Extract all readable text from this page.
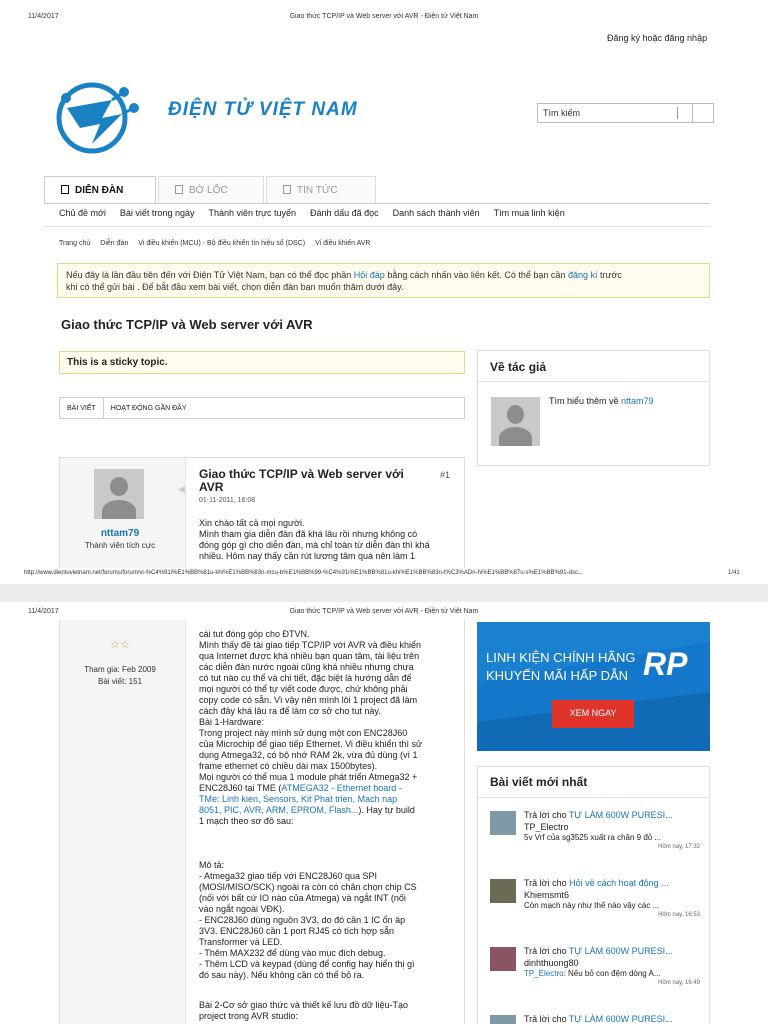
11/4/2017	Giao thức TCP/IP và Web server với AVR - Điện tử Việt Nam
Đăng ký hoặc đăng nhập
ĐIỆN TỬ VIỆT NAM	Tìm kiếm
DIỄN ĐÀN	BỜ LỐC	TIN TỨC
Chủ đề mới Bài viết trong ngày Thành viên trực tuyến Đánh dấu đã đọc Danh sách thành viên Tìm mua linh kiện
Trang chủ Diễn đàn Vi điều khiển (MCU) - Bộ điều khiển tín hiệu số (DSC) Vi điều khiển AVR
Nếu đây là lần đầu tiên đến với Điện Tử Việt Nam, bạn có thể đọc phần Hỏi đáp bằng cách nhấn vào liên kết. Có thể bạn cần đăng kí trước
khi có thể gửi bài . Để bắt đầu xem bài viết, chọn diễn đàn bạn muốn thăm dưới đây.
Giao thức TCP/IP và Web server với AVR
This is a sticky topic.
BÀI VIẾT HOẠT ĐỘNG GẦN ĐÂY
Về tác giả
Tìm hiểu thêm về nttam79
nttam79
Thành viên tích cực
◀
Giao thức TCP/IP và Web server với AVR
#1
01-11-2011, 16:08
Xin chào tất cả mọi người.
Mình tham gia diễn đàn đã khá lâu rồi nhưng không có
đóng góp gì cho diễn đàn, mà chỉ toàn từ diễn đàn thì khá
nhiều. Hôm nay thấy cần rút lương tâm quá nên làm 1
http://www.dientuvietnam.net/forums/forum/vi-%C4%91i%E1%BB%81u-khi%E1%BB%83n-mcu-b%E1%BB%99-%C4%91i%E1%BB%81u-khi%E1%BB%83n-t%C3%ADn-hi%E1%BB%87u-s%E1%BB%91-dsc...	1/41
11/4/2017	Giao thức TCP/IP và Web server với AVR - Điện tử Việt Nam
☆☆
Tham gia: Feb 2009
Bài viết: 151
cái tut đóng góp cho ĐTVN.
Mình thấy đề tài giao tiếp TCP/IP với AVR và điều khiển
qua Internet được khá nhiều bạn quan tâm, tài liệu trên
các diễn đàn nước ngoài cũng khá nhiều nhưng chưa
có tut nào cụ thể và chi tiết, đặc biệt là hướng dẫn để
mọi người có thể tự viết code được, chứ không phải
copy code có sẵn. Vì vậy nên mình lôi 1 project đã làm
cách đây khá lâu ra để làm cơ sở cho tut này.
Bài 1-Hardware:
Trong project này mình sử dụng một con ENC28J60
của Microchip để giao tiếp Ethernet. Vi điều khiển thì sử
dụng Atmega32, có bộ nhớ RAM 2k, vừa đủ dùng (vì 1
frame ethernet có chiều dài max 1500bytes).
Mọi người có thể mua 1 module phát triển Atmega32 +
ENC28J60 tại TME (ATMEGA32 - Ethernet board -
TMe: Linh kien, Sensors, Kit Phat trien, Mach nap
8051, PIC, AVR, ARM, EPROM, Flash...). Hay tự build
1 mạch theo sơ đồ sau:
Mô tả:
- Atmega32 giao tiếp với ENC28J60 qua SPI
(MOSI/MISO/SCK) ngoài ra còn có chân chọn chip CS
(nối với bất cứ IO nào của Atmega) và ngắt INT (nối
vào ngắt ngoài VĐK).
- ENC28J60 dùng nguồn 3V3, do đó cần 1 IC ổn áp
3V3. ENC28J60 cần 1 port RJ45 có tích hợp sẵn
Transformer và LED.
- Thêm MAX232 để dùng vào mục đích debug.
- Thêm LCD và keypad (dùng để config hay hiển thị gì
đó sau này). Nếu không cần có thể bỏ ra.
Bài 2-Cơ sở giao thức và thiết kế lưu đồ dữ liệu-Tạo
project trong AVR studio:
LINH KIỆN CHÍNH HÃNG
KHUYẾN MÃI HẤP DẪN RP
XEM NGAY
Bài viết mới nhất
Trả lời cho TỰ LÀM 600W PURESI...
TP_Electro
5v Vrf của sg3525 xuất ra chân 9 đỏ ...
Hôm nay, 17:32
Trả lời cho Hỏi về cách hoạt động ...
Khiemsmt6
Còn mạch này như thế nào vậy các ...
Hôm nay, 16:53
Trả lời cho TỰ LÀM 600W PURESI...
dinhthuong80
TP_Electro: Nếu bỏ con đệm dòng A...
Hôm nay, 16:49
Trả lời cho TỰ LÀM 600W PURESI...
